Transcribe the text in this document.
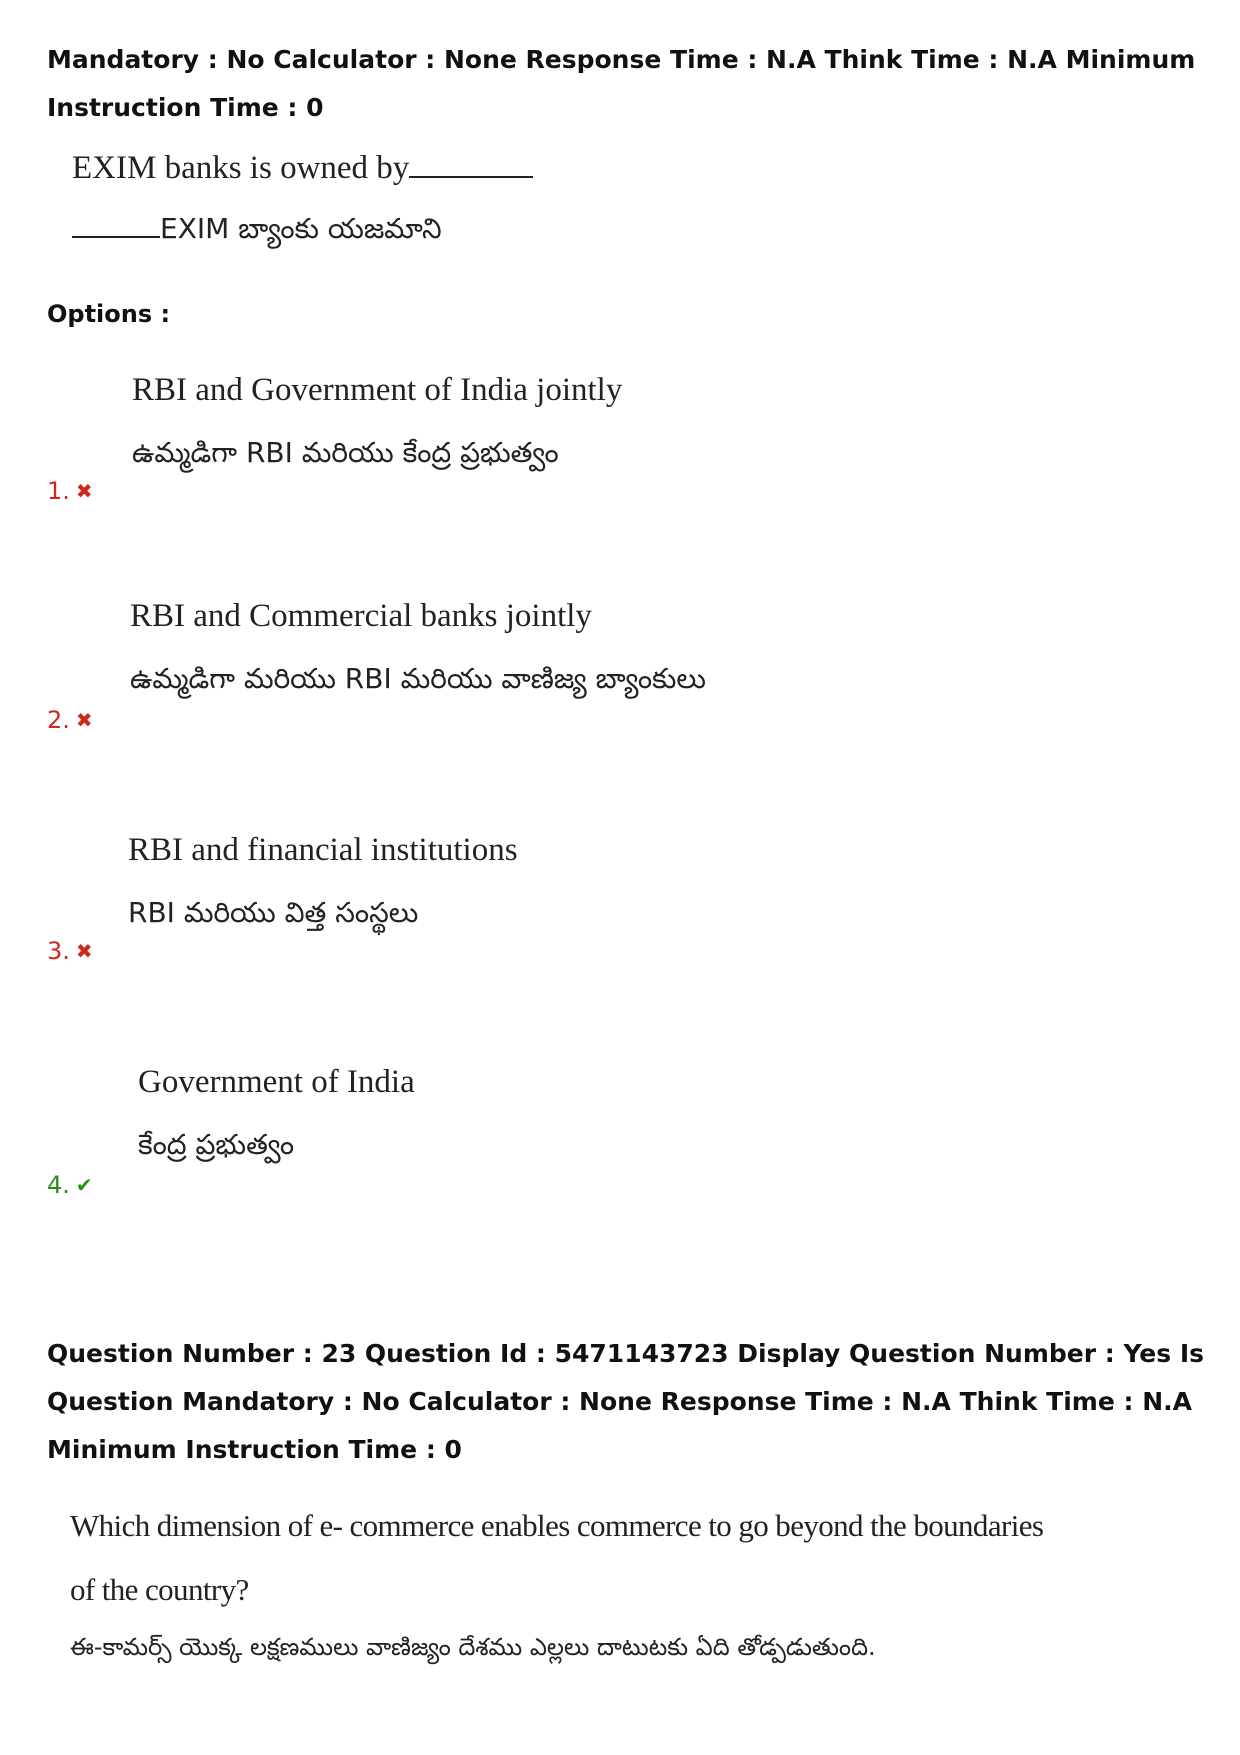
Mandatory : No Calculator : None Response Time : N.A Think Time : N.A Minimum Instruction Time : 0

EXIM banks is owned by
EXIM బ్యాంకు యజమాని
Options :
RBI and Government of India jointly
ఉమ్మడిగా RBI మరియు కేంద్ర ప్రభుత్వం
1. ✖
RBI and Commercial banks jointly
ఉమ్మడిగా మరియు RBI మరియు వాణిజ్య బ్యాంకులు
2. ✖
RBI and financial institutions
RBI మరియు విత్త సంస్థలు
3. ✖
Government of India
కేంద్ర ప్రభుత్వం
4. ✔

Question Number : 23 Question Id : 5471143723 Display Question Number : Yes Is Question Mandatory : No Calculator : None Response Time : N.A Think Time : N.A Minimum Instruction Time : 0

Which dimension of e- commerce enables commerce to go beyond the boundaries
of the country?
ఈ-కామర్స్ యొక్క లక్షణములు వాణిజ్యం దేశము ఎల్లలు దాటుటకు ఏది తోడ్పడుతుంది.
